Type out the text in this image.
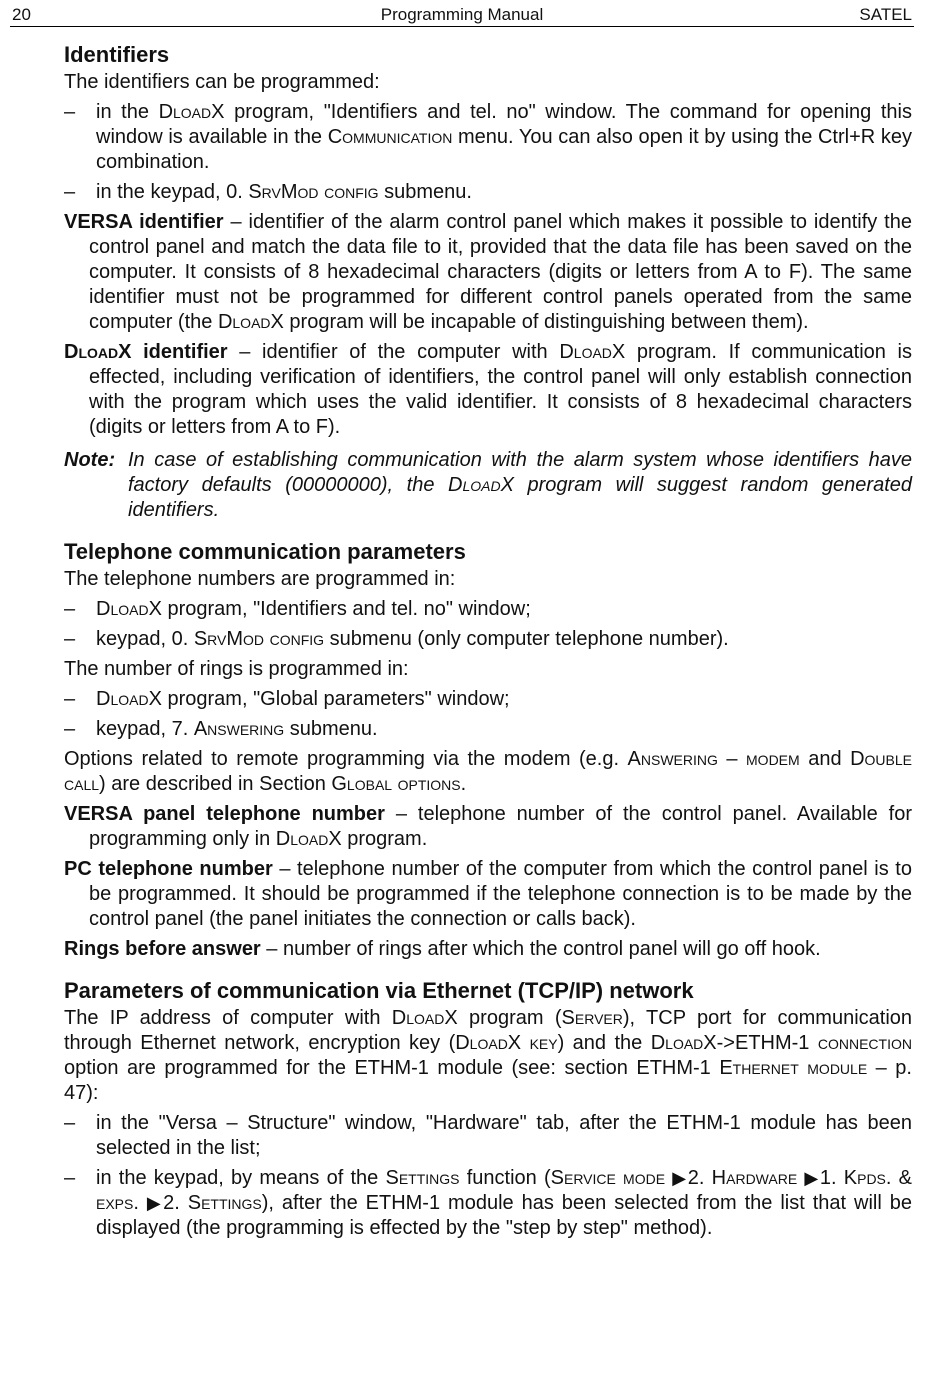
20	Programming Manual	SATEL
Identifiers

The identifiers can be programmed:

– in the DloadX program, "Identifiers and tel. no" window. The command for opening this window is available in the Communication menu. You can also open it by using the Ctrl+R key combination.
– in the keypad, 0. SrvMod config submenu.

VERSA identifier – identifier of the alarm control panel which makes it possible to identify the control panel and match the data file to it, provided that the data file has been saved on the computer. It consists of 8 hexadecimal characters (digits or letters from A to F). The same identifier must not be programmed for different control panels operated from the same computer (the DloadX program will be incapable of distinguishing between them).

DloadX identifier – identifier of the computer with DloadX program. If communication is effected, including verification of identifiers, the control panel will only establish connection with the program which uses the valid identifier. It consists of 8 hexadecimal characters (digits or letters from A to F).

Note: In case of establishing communication with the alarm system whose identifiers have factory defaults (00000000), the DloadX program will suggest random generated identifiers.
Telephone communication parameters

The telephone numbers are programmed in:

– DloadX program, "Identifiers and tel. no" window;
– keypad, 0. SrvMod config submenu (only computer telephone number).

The number of rings is programmed in:

– DloadX program, "Global parameters" window;
– keypad, 7. Answering submenu.

Options related to remote programming via the modem (e.g. Answering – modem and Double call) are described in Section Global options.

VERSA panel telephone number – telephone number of the control panel. Available for programming only in DloadX program.

PC telephone number – telephone number of the computer from which the control panel is to be programmed. It should be programmed if the telephone connection is to be made by the control panel (the panel initiates the connection or calls back).

Rings before answer – number of rings after which the control panel will go off hook.

Parameters of communication via Ethernet (TCP/IP) network

The IP address of computer with DloadX program (Server), TCP port for communication through Ethernet network, encryption key (DloadX key) and the DloadX->ETHM-1 connection option are programmed for the ETHM-1 module (see: section ETHM-1 Ethernet module – p. 47):

– in the "Versa – Structure" window, "Hardware" tab, after the ETHM-1 module has been selected in the list;
– in the keypad, by means of the Settings function (Service mode ▶2. Hardware ▶1. Kpds. & exps. ▶2. Settings), after the ETHM-1 module has been selected from the list that will be displayed (the programming is effected by the "step by step" method).
